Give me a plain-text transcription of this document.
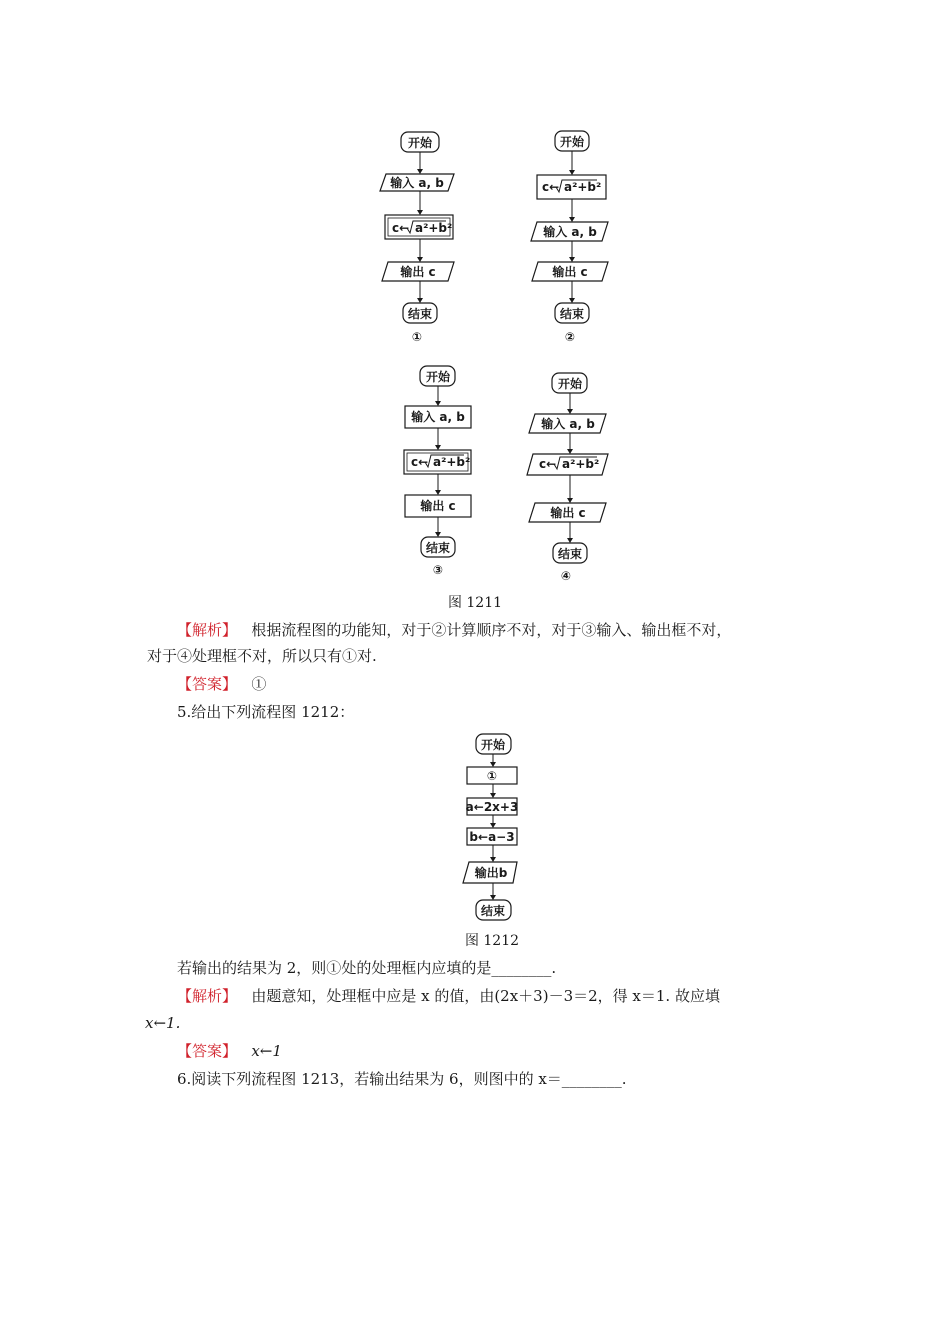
开始
输入 a, b
c← a²+b²
输出 c
结束
①
开始
c← a²+b²
输入 a, b
输出 c
结束
②
开始
输入 a, b
c← a²+b²
输出 c
结束
③
开始
输入 a, b
c← a²+b²
输出 c
结束
④
图 1211
【解析】 根据流程图的功能知，对于②计算顺序不对，对于③输入、输出框不对，
对于④处理框不对，所以只有①对.
【答案】 ①
5.给出下列流程图 1212：
开始
①
a←2x+3
b←a−3
输出b
结束
图 1212
若输出的结果为 2，则①处的处理框内应填的是________.
【解析】 由题意知，处理框中应是 x 的值，由(2x＋3)－3＝2，得 x＝1. 故应填
x←1.
【答案】 x←1
6.阅读下列流程图 1213，若输出结果为 6，则图中的 x＝________.
